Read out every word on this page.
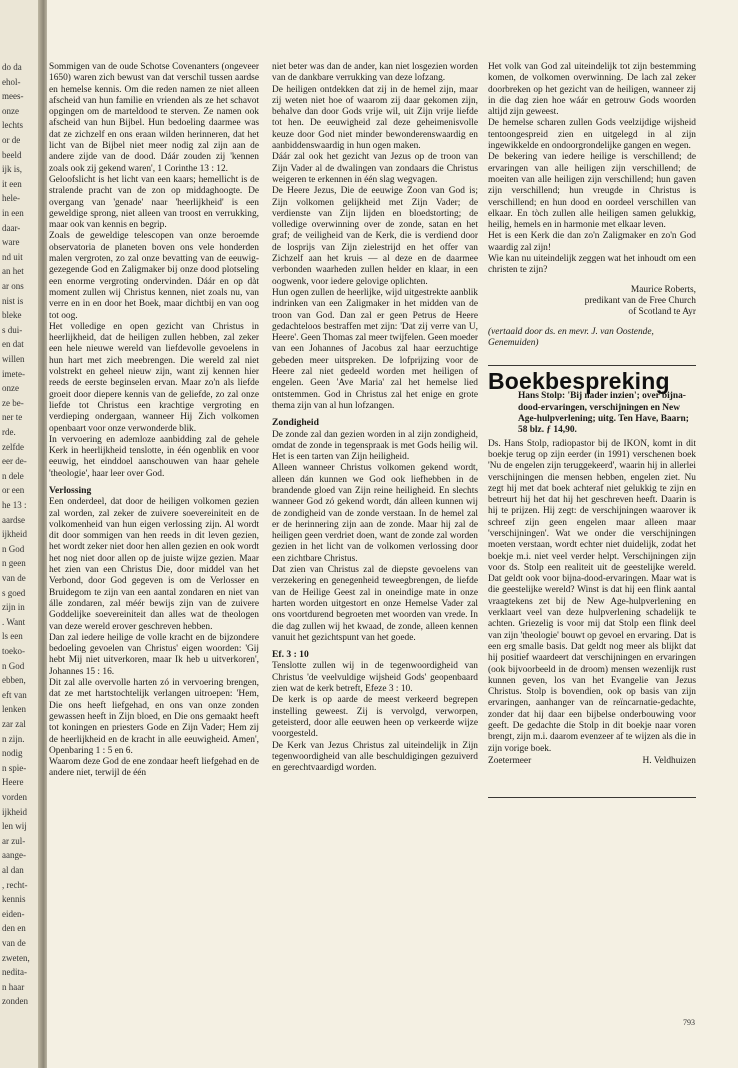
do da
ehol-
mees-
onze
lechts
or de
beeld
ijk is,
it een
hele-
in een
daar-
ware
nd uit
an het
ar ons
nist is
bleke
s dui-
en dat
willen
imete-
onze
ze be-
ner te
rde.
zelfde
eer de-
n dele
or een
he 13 :
aardse
ijkheid
n God
n geen
van de
s goed
zijn in
. Want
ls een
toeko-
n God
ebben,
eft van
lenken
zar zal
n zijn.
nodig
n spie-
Heere
vorden
ijkheid
len wij
ar zul-
aange-
al dan
, recht-
kennis
eiden-
den en
van de
zweten,
nedita-
n haar
zonden

Sommigen van de oude Schotse Covenanters (ongeveer 1650) waren zich bewust van dat verschil tussen aardse en hemelse kennis. Om die reden namen ze niet alleen afscheid van hun familie en vrienden als ze het schavot opgingen om de marteldood te sterven. Ze namen ook afscheid van hun Bijbel. Hun bedoeling daarmee was dat ze zichzelf en ons eraan wilden herinneren, dat het licht van de Bijbel niet meer nodig zal zijn aan de andere zijde van de dood. Dáár zouden zij 'kennen zoals ook zij gekend waren', 1 Corinthe 13 : 12.

Geloofslicht is het licht van een kaars; hemellicht is de stralende pracht van de zon op middaghoogte. De overgang van 'genade' naar 'heerlijkheid' is een geweldige sprong, niet alleen van troost en verrukking, maar ook van kennis en begrip.

Zoals de geweldige telescopen van onze beroemde observatoria de planeten boven ons vele honderden malen vergroten, zo zal onze bevatting van de eeuwig-gezegende God en Zaligmaker bij onze dood plotseling een enorme vergroting ondervinden. Dáár en op dàt moment zullen wij Christus kennen, niet zoals nu, van verre en in en door het Boek, maar dichtbij en van oog tot oog.

Het volledige en open gezicht van Christus in heerlijkheid, dat de heiligen zullen hebben, zal zeker een hele nieuwe wereld van liefdevolle gevoelens in hun hart met zich meebrengen. Die wereld zal niet volstrekt en geheel nieuw zijn, want zij kennen hier reeds de eerste beginselen ervan. Maar zo'n als liefde groeit door diepere kennis van de geliefde, zo zal onze liefde tot Christus een krachtige vergroting en verdieping ondergaan, wanneer Hij Zich volkomen openbaart voor onze verwonderde blik.

In vervoering en ademloze aanbidding zal de gehele Kerk in heerlijkheid tenslotte, in één ogenblik en voor eeuwig, het einddoel aanschouwen van haar gehele 'theologie', haar leer over God.

Verlossing

Een onderdeel, dat door de heiligen volkomen gezien zal worden, zal zeker de zuivere soevereiniteit en de volkomenheid van hun eigen verlossing zijn. Al wordt dit door sommigen van hen reeds in dit leven gezien, het wordt zeker niet door hen allen gezien en ook wordt het nog niet door allen op de juiste wijze gezien. Maar het zien van een Christus Die, door middel van het Verbond, door God gegeven is om de Verlosser en Bruidegom te zijn van een aantal zondaren en niet van álle zondaren, zal méér bewijs zijn van de zuivere Goddelijke soevereiniteit dan alles wat de theologen van deze wereld erover geschreven hebben.

Dan zal iedere heilige de volle kracht en de bijzondere bedoeling gevoelen van Christus' eigen woorden: 'Gij hebt Mij niet uitverkoren, maar Ik heb u uitverkoren', Johannes 15 : 16.

Dit zal alle overvolle harten zó in vervoering brengen, dat ze met hartstochtelijk verlangen uitroepen: 'Hem, Die ons heeft liefgehad, en ons van onze zonden gewassen heeft in Zijn bloed, en Die ons gemaakt heeft tot koningen en priesters Gode en Zijn Vader; Hem zij de heerlijkheid en de kracht in alle eeuwigheid. Amen', Openbaring 1 : 5 en 6.

Waarom deze God de ene zondaar heeft liefgehad en de andere niet, terwijl de één

niet beter was dan de ander, kan niet losgezien worden van de dankbare verrukking van deze lofzang.

De heiligen ontdekken dat zij in de hemel zijn, maar zij weten niet hoe of waarom zij daar gekomen zijn, behalve dan door Gods vrije wil, uit Zijn vrije liefde tot hen. De eeuwigheid zal deze geheimenisvolle keuze door God niet minder bewonderenswaardig en aanbiddenswaardig in hun ogen maken.

Dáár zal ook het gezicht van Jezus op de troon van Zijn Vader al de dwalingen van zondaars die Christus weigeren te erkennen in één slag wegvagen.

De Heere Jezus, Die de eeuwige Zoon van God is; Zijn volkomen gelijkheid met Zijn Vader; de verdienste van Zijn lijden en bloedstorting; de volledige overwinning over de zonde, satan en het graf; de veiligheid van de Kerk, die is verdiend door de losprijs van Zijn zielestrijd en het offer van Zichzelf aan het kruis — al deze en de daarmee verbonden waarheden zullen helder en klaar, in een oogwenk, voor iedere gelovige oplichten.

Hun ogen zullen de heerlijke, wijd uitgestrekte aanblik indrinken van een Zaligmaker in het midden van de troon van God. Dan zal er geen Petrus de Heere gedachteloos bestraffen met zijn: 'Dat zij verre van U, Heere'. Geen Thomas zal meer twijfelen. Geen moeder van een Johannes of Jacobus zal haar eerzuchtige gebeden meer uitspreken. De lofprijzing voor de Heere zal niet gedeeld worden met heiligen of engelen. Geen 'Ave Maria' zal het hemelse lied ontstemmen. God in Christus zal het enige en grote thema zijn van al hun lofzangen.

Zondigheid

De zonde zal dan gezien worden in al zijn zondigheid, omdat de zonde in tegenspraak is met Gods heilig wil. Het is een tarten van Zijn heiligheid.

Alleen wanneer Christus volkomen gekend wordt, alleen dán kunnen we God ook liefhebben in de brandende gloed van Zijn reine heiligheid. En slechts wanneer God zó gekend wordt, dán alleen kunnen wij de zondigheid van de zonde verstaan. In de hemel zal er de herinnering zijn aan de zonde. Maar hij zal de heiligen geen verdriet doen, want de zonde zal worden gezien in het licht van de volkomen verlossing door een zichtbare Christus.

Dat zien van Christus zal de diepste gevoelens van verzekering en genegenheid teweegbrengen, de liefde van de Heilige Geest zal in oneindige mate in onze harten worden uitgestort en onze Hemelse Vader zal ons voortdurend begroeten met woorden van vrede. In die dag zullen wij het kwaad, de zonde, alleen kennen vanuit het gezichtspunt van het goede.

Ef. 3 : 10

Tenslotte zullen wij in de tegenwoordigheid van Christus 'de veelvuldige wijsheid Gods' geopenbaard zien wat de kerk betreft, Efeze 3 : 10.

De kerk is op aarde de meest verkeerd begrepen instelling geweest. Zij is vervolgd, verworpen, geteisterd, door alle eeuwen heen op verkeerde wijze voorgesteld.

De Kerk van Jezus Christus zal uiteindelijk in Zijn tegenwoordigheid van alle beschuldigingen gezuiverd en gerechtvaardigd worden.

Het volk van God zal uiteindelijk tot zijn bestemming komen, de volkomen overwinning. De lach zal zeker doorbreken op het gezicht van de heiligen, wanneer zij in die dag zien hoe wáár en getrouw Gods woorden altijd zijn geweest.

De hemelse scharen zullen Gods veelzijdige wijsheid tentoongespreid zien en uitgelegd in al zijn ingewikkelde en ondoorgrondelijke gangen en wegen.

De bekering van iedere heilige is verschillend; de ervaringen van alle heiligen zijn verschillend; de moeiten van alle heiligen zijn verschillend; hun gaven zijn verschillend; hun vreugde in Christus is verschillend; en hun dood en oordeel verschillen van elkaar. En tòch zullen alle heiligen samen gelukkig, heilig, hemels en in harmonie met elkaar leven.

Het is een Kerk die dan zo'n Zaligmaker en zo'n God waardig zal zijn!

Wie kan nu uiteindelijk zeggen wat het inhoudt om een christen te zijn?

Maurice Roberts,
predikant van de Free Church
of Scotland te Ayr

(vertaald door ds. en mevr. J. van Oostende, Genemuiden)

Boekbespreking

Hans Stolp: 'Bij nader inzien'; over bijna-dood-ervaringen, verschijningen en New Age-hulpverlening; uitg. Ten Have, Baarn; 58 blz. ƒ 14,90.

Ds. Hans Stolp, radiopastor bij de IKON, komt in dit boekje terug op zijn eerder (in 1991) verschenen boek 'Nu de engelen zijn teruggekeerd', waarin hij in allerlei verschijningen die mensen hebben, engelen ziet. Nu zegt hij met dat boek achteraf niet gelukkig te zijn en betreurt hij het dat hij het geschreven heeft. Daarin is hij te prijzen. Hij zegt: de verschijningen waarover ik schreef zijn geen engelen maar alleen maar 'verschijningen'. Wat we onder die verschijningen moeten verstaan, wordt echter niet duidelijk, zodat het boekje m.i. niet veel verder helpt. Verschijningen zijn voor ds. Stolp een realiteit uit de geestelijke wereld. Dat geldt ook voor bijna-dood-ervaringen. Maar wat is die geestelijke wereld? Winst is dat hij een flink aantal vraagtekens zet bij de New Age-hulpverlening en verklaart veel van deze hulpverlening schadelijk te achten. Griezelig is voor mij dat Stolp een flink deel van zijn 'theologie' bouwt op gevoel en ervaring. Dat is een erg smalle basis. Dat geldt nog meer als blijkt dat hij positief waardeert dat verschijningen en ervaringen (ook bijvoorbeeld in de droom) mensen wezenlijk rust kunnen geven, los van het Evangelie van Jezus Christus. Stolp is bovendien, ook op basis van zijn ervaringen, aanhanger van de reïncarnatie-gedachte, zonder dat hij daar een bijbelse onderbouwing voor geeft. De gedachte die Stolp in dit boekje naar voren brengt, zijn m.i. daarom evenzeer af te wijzen als die in zijn vorige boek.

Zoetermeer	H. Veldhuizen
793
